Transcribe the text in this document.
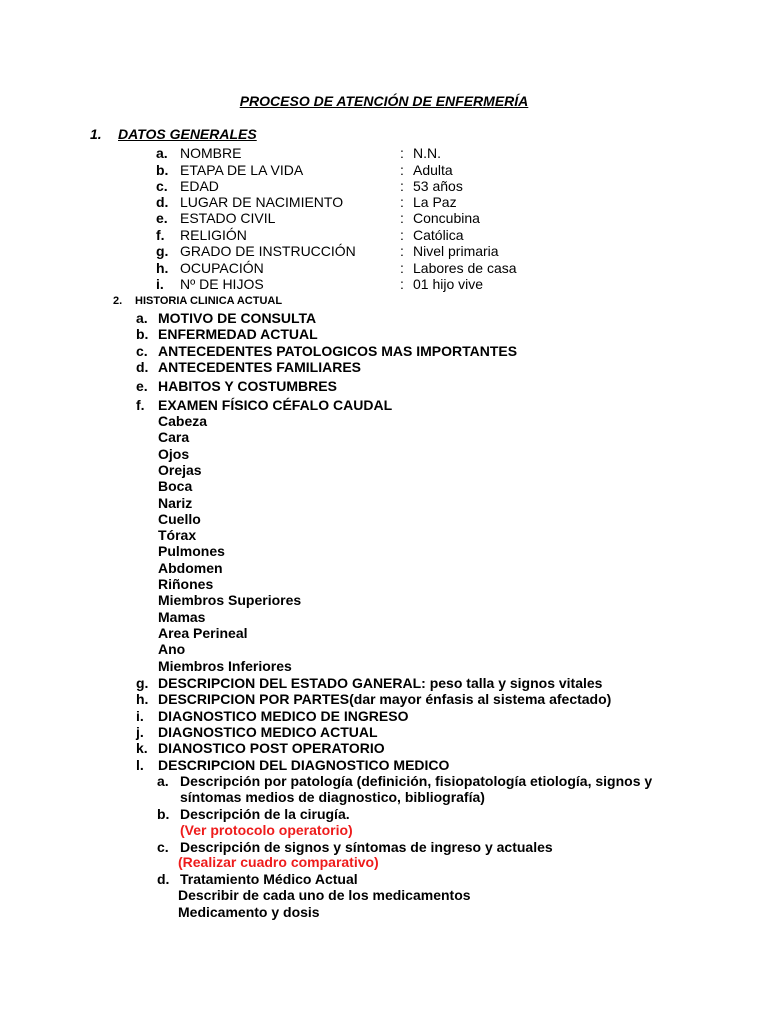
PROCESO DE ATENCIÓN DE ENFERMERÍA
1. DATOS GENERALES
a. NOMBRE	N.N.
:
b. ETAPA DE LA VIDA	Adulta
:
c. EDAD	53 años
:
d. LUGAR DE NACIMIENTO	La Paz
:
e. ESTADO CIVIL	Concubina
:
f. RELIGIÓN	Católica
:
g. GRADO DE INSTRUCCIÓN	Nivel primaria
:
h. OCUPACIÓN	Labores de casa
:
i. Nº DE HIJOS	01 hijo vive
:
2. HISTORIA CLINICA ACTUAL
a. MOTIVO DE CONSULTA
b. ENFERMEDAD ACTUAL
c. ANTECEDENTES PATOLOGICOS MAS IMPORTANTES
d. ANTECEDENTES FAMILIARES
e. HABITOS Y COSTUMBRES
f. EXAMEN FÍSICO CÉFALO CAUDAL
Cabeza
Cara
Ojos
Orejas
Boca
Nariz
Cuello
Tórax
Pulmones
Abdomen
Riñones
Miembros Superiores
Mamas
Area Perineal
Ano
Miembros Inferiores
g. DESCRIPCION DEL ESTADO GANERAL: peso talla y signos vitales
h. DESCRIPCION POR PARTES(dar mayor énfasis al sistema afectado)
i. DIAGNOSTICO MEDICO DE INGRESO
j. DIAGNOSTICO MEDICO ACTUAL
k. DIANOSTICO POST OPERATORIO
l. DESCRIPCION DEL DIAGNOSTICO MEDICO
a. Descripción por patología (definición, fisiopatología etiología, signos y
síntomas medios de diagnostico, bibliografía)
b. Descripción de la cirugía.
(Ver protocolo operatorio)
c. Descripción de signos y síntomas de ingreso y actuales
(Realizar cuadro comparativo)
d. Tratamiento Médico Actual
Describir de cada uno de los medicamentos
Medicamento y dosis
